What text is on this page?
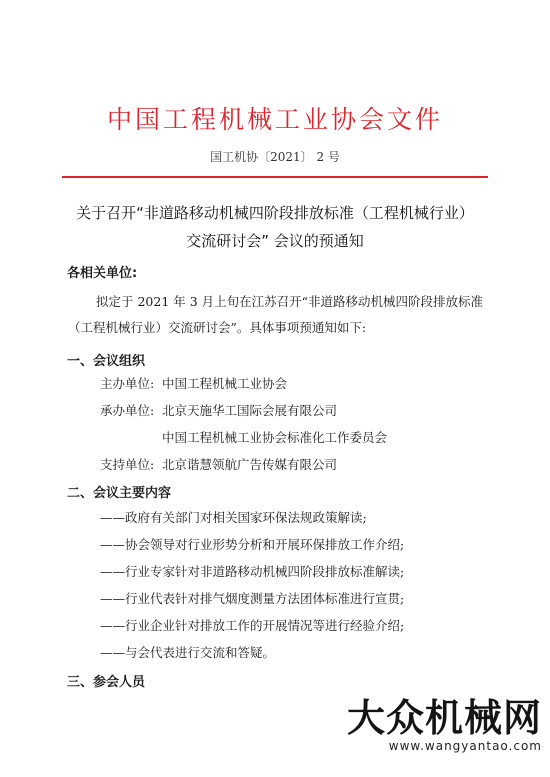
中国工程机械工业协会文件
国工机协〔2021〕 2 号
关于召开“非道路移动机械四阶段排放标准（工程机械行业）
交流研讨会” 会议的预通知
各相关单位:
拟定于 2021 年 3 月上旬在江苏召开“非道路移动机械四阶段排放标准（工程机械行业）交流研讨会”。具体事项预通知如下:
一、会议组织
主办单位: 中国工程机械工业协会
承办单位: 北京天施华工国际会展有限公司
中国工程机械工业协会标准化工作委员会
支持单位: 北京谐慧领航广告传媒有限公司
二、会议主要内容
——政府有关部门对相关国家环保法规政策解读;
——协会领导对行业形势分析和开展环保排放工作介绍;
——行业专家针对非道路移动机械四阶段排放标准解读;
——行业代表针对排气烟度测量方法团体标准进行宣贯;
——行业企业针对排放工作的开展情况等进行经验介绍;
——与会代表进行交流和答疑。
三、参会人员
大众机械网
www.wangyantao.com
